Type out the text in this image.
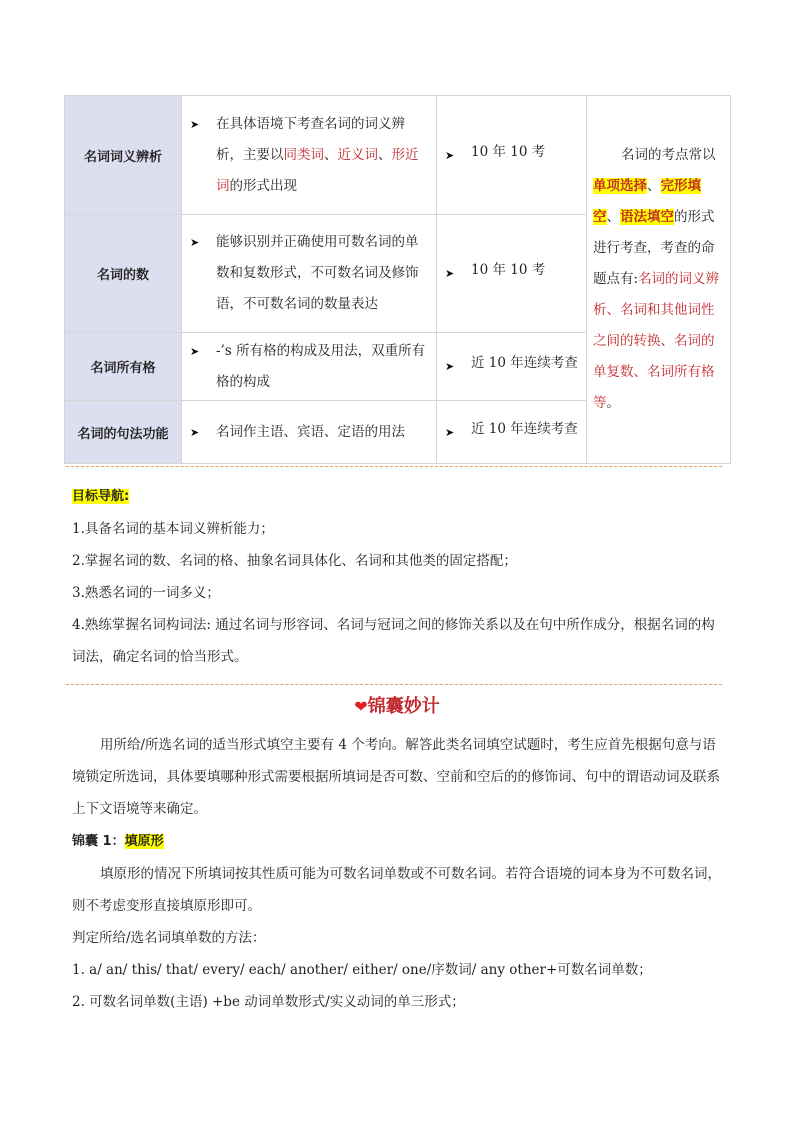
名词词义辨析	➤ 在具体语境下考查名词的词义辨析，主要以同类词、近义词、形近词的形式出现	➤ 10 年 10 考	名词的考点常以单项选择、完形填空、语法填空的形式进行考查，考查的命题点有:名词的词义辨析、名词和其他词性之间的转换、名词的单复数、名词所有格等。

名词的数	➤ 能够识别并正确使用可数名词的单数和复数形式，不可数名词及修饰语，不可数名词的数量表达	➤ 10 年 10 考	

名词所有格	➤ -’s 所有格的构成及用法，双重所有格的构成	➤ 近 10 年连续考查	

名词的句法功能	➤ 名词作主语、宾语、定语的用法	➤ 近 10 年连续考查	
目标导航:
1.具备名词的基本词义辨析能力；
2.掌握名词的数、名词的格、抽象名词具体化、名词和其他类的固定搭配；
3.熟悉名词的一词多义；
4.熟练掌握名词构词法: 通过名词与形容词、名词与冠词之间的修饰关系以及在句中所作成分，根据名词的构词法，确定名词的恰当形式。
❤锦囊妙计
用所给/所选名词的适当形式填空主要有 4 个考向。解答此类名词填空试题时，考生应首先根据句意与语境锁定所选词，具体要填哪种形式需要根据所填词是否可数、空前和空后的的修饰词、句中的谓语动词及联系上下文语境等来确定。
锦囊 1：填原形
填原形的情况下所填词按其性质可能为可数名词单数或不可数名词。若符合语境的词本身为不可数名词，则不考虑变形直接填原形即可。
判定所给/选名词填单数的方法：
1. a/ an/ this/ that/ every/ each/ another/ either/ one/序数词/ any other+可数名词单数；
2. 可数名词单数(主语) +be 动词单数形式/实义动词的单三形式；
